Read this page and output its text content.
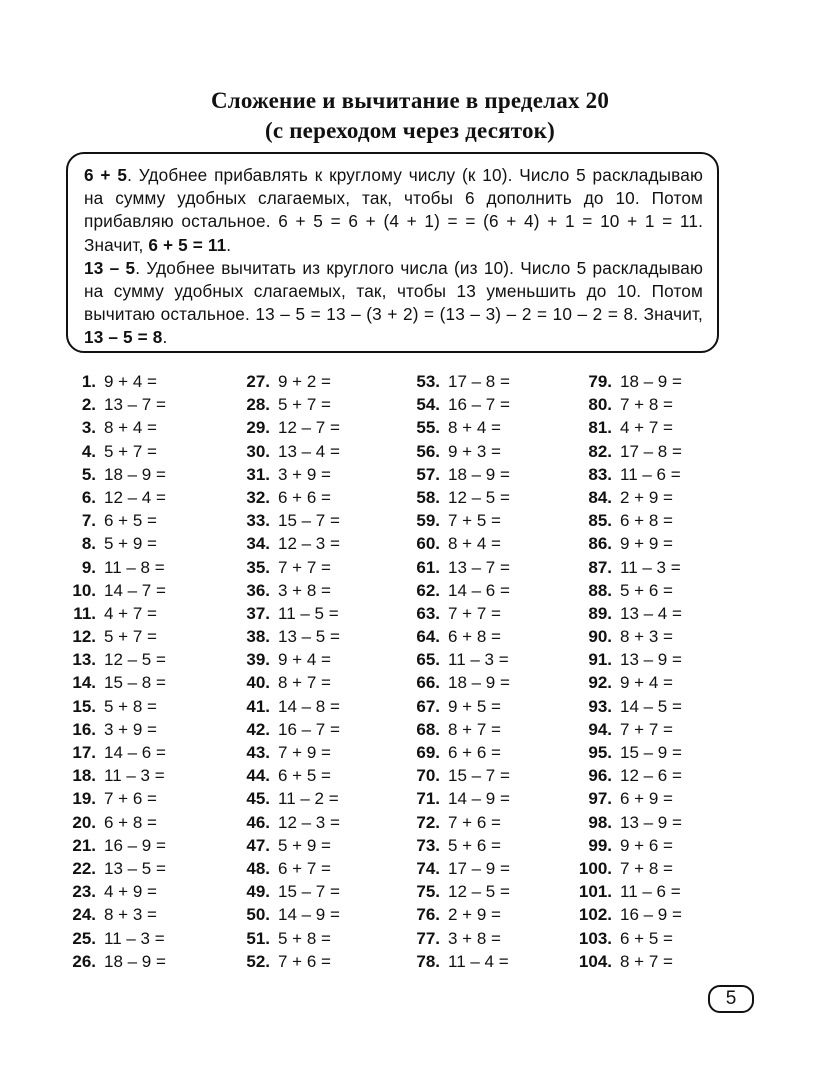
Сложение и вычитание в пределах 20
(с переходом через десяток)

6 + 5. Удобнее прибавлять к круглому числу (к 10). Число 5 раскладываю на сумму удобных слагаемых, так, чтобы 6 дополнить до 10. Потом прибавляю остальное. 6 + 5 = 6 + (4 + 1) = = (6 + 4) + 1 = 10 + 1 = 11. Значит, 6 + 5 = 11.

13 – 5. Удобнее вычитать из круглого числа (из 10). Число 5 раскладываю на сумму удобных слагаемых, так, чтобы 13 уменьшить до 10. Потом вычитаю остальное. 13 – 5 = 13 – (3 + 2) = (13 – 3) – 2 = 10 – 2 = 8. Значит, 13 – 5 = 8.

1. 9 + 4 =
2. 13 – 7 =
3. 8 + 4 =
4. 5 + 7 =
5. 18 – 9 =
6. 12 – 4 =
7. 6 + 5 =
8. 5 + 9 =
9. 11 – 8 =
10. 14 – 7 =
11. 4 + 7 =
12. 5 + 7 =
13. 12 – 5 =
14. 15 – 8 =
15. 5 + 8 =
16. 3 + 9 =
17. 14 – 6 =
18. 11 – 3 =
19. 7 + 6 =
20. 6 + 8 =
21. 16 – 9 =
22. 13 – 5 =
23. 4 + 9 =
24. 8 + 3 =
25. 11 – 3 =
26. 18 – 9 =
27. 9 + 2 =
28. 5 + 7 =
29. 12 – 7 =
30. 13 – 4 =
31. 3 + 9 =
32. 6 + 6 =
33. 15 – 7 =
34. 12 – 3 =
35. 7 + 7 =
36. 3 + 8 =
37. 11 – 5 =
38. 13 – 5 =
39. 9 + 4 =
40. 8 + 7 =
41. 14 – 8 =
42. 16 – 7 =
43. 7 + 9 =
44. 6 + 5 =
45. 11 – 2 =
46. 12 – 3 =
47. 5 + 9 =
48. 6 + 7 =
49. 15 – 7 =
50. 14 – 9 =
51. 5 + 8 =
52. 7 + 6 =
53. 17 – 8 =
54. 16 – 7 =
55. 8 + 4 =
56. 9 + 3 =
57. 18 – 9 =
58. 12 – 5 =
59. 7 + 5 =
60. 8 + 4 =
61. 13 – 7 =
62. 14 – 6 =
63. 7 + 7 =
64. 6 + 8 =
65. 11 – 3 =
66. 18 – 9 =
67. 9 + 5 =
68. 8 + 7 =
69. 6 + 6 =
70. 15 – 7 =
71. 14 – 9 =
72. 7 + 6 =
73. 5 + 6 =
74. 17 – 9 =
75. 12 – 5 =
76. 2 + 9 =
77. 3 + 8 =
78. 11 – 4 =
79. 18 – 9 =
80. 7 + 8 =
81. 4 + 7 =
82. 17 – 8 =
83. 11 – 6 =
84. 2 + 9 =
85. 6 + 8 =
86. 9 + 9 =
87. 11 – 3 =
88. 5 + 6 =
89. 13 – 4 =
90. 8 + 3 =
91. 13 – 9 =
92. 9 + 4 =
93. 14 – 5 =
94. 7 + 7 =
95. 15 – 9 =
96. 12 – 6 =
97. 6 + 9 =
98. 13 – 9 =
99. 9 + 6 =
100. 7 + 8 =
101. 11 – 6 =
102. 16 – 9 =
103. 6 + 5 =
104. 8 + 7 =
5
